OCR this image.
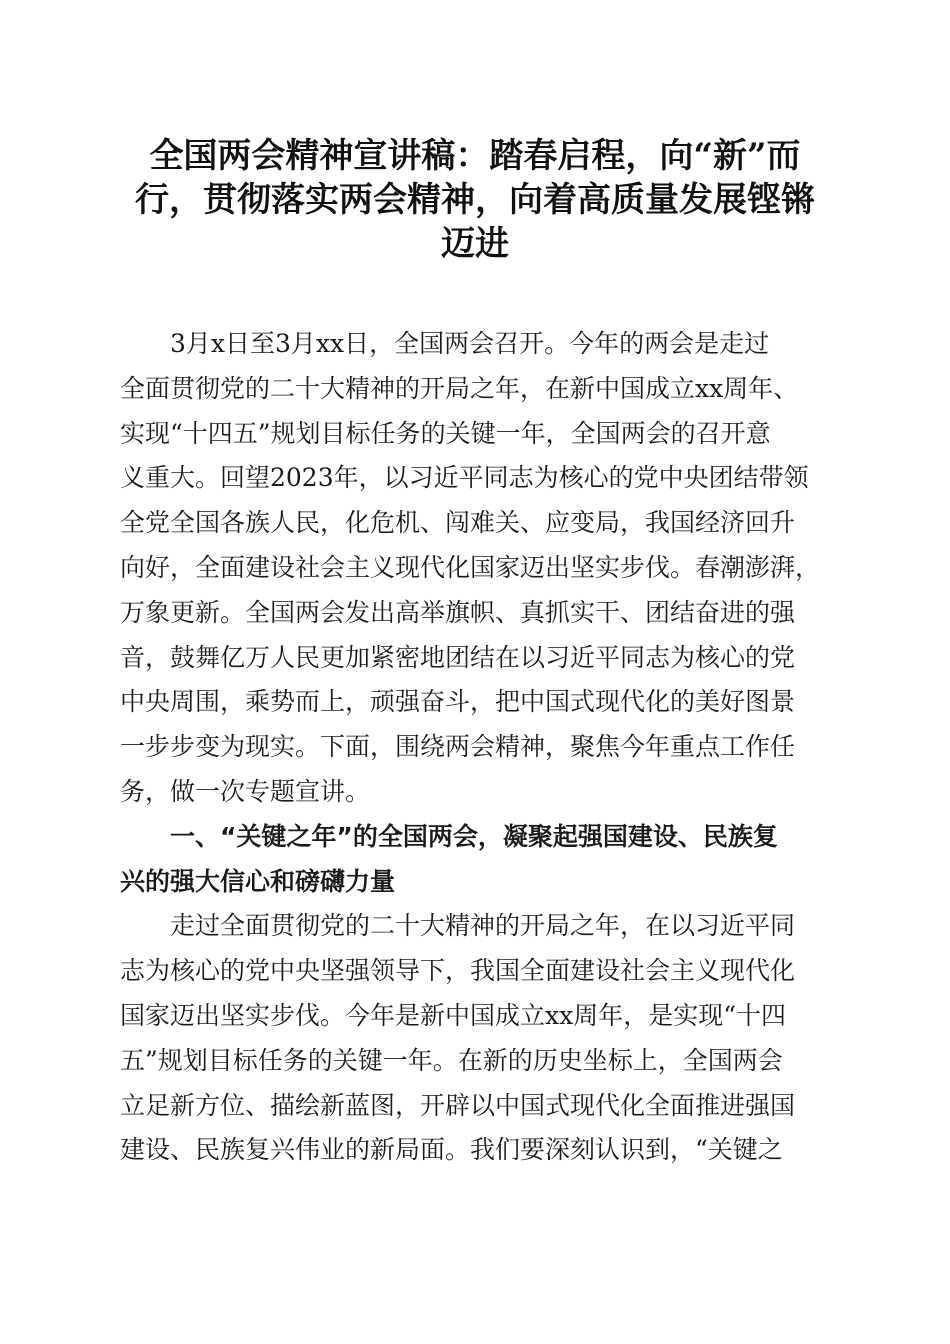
全国两会精神宣讲稿：踏春启程，向“新”而
行，贯彻落实两会精神，向着高质量发展铿锵
迈进
3月x日至3月xx日，全国两会召开。今年的两会是走过
全面贯彻党的二十大精神的开局之年，在新中国成立xx周年、
实现“十四五”规划目标任务的关键一年，全国两会的召开意
义重大。回望2023年，以习近平同志为核心的党中央团结带领
全党全国各族人民，化危机、闯难关、应变局，我国经济回升
向好，全面建设社会主义现代化国家迈出坚实步伐。春潮澎湃，
万象更新。全国两会发出高举旗帜、真抓实干、团结奋进的强
音，鼓舞亿万人民更加紧密地团结在以习近平同志为核心的党
中央周围，乘势而上，顽强奋斗，把中国式现代化的美好图景
一步步变为现实。下面，围绕两会精神，聚焦今年重点工作任
务，做一次专题宣讲。
一、“关键之年”的全国两会，凝聚起强国建设、民族复
兴的强大信心和磅礴力量
走过全面贯彻党的二十大精神的开局之年，在以习近平同
志为核心的党中央坚强领导下，我国全面建设社会主义现代化
国家迈出坚实步伐。今年是新中国成立xx周年，是实现“十四
五”规划目标任务的关键一年。在新的历史坐标上，全国两会
立足新方位、描绘新蓝图，开辟以中国式现代化全面推进强国
建设、民族复兴伟业的新局面。我们要深刻认识到，“关键之
